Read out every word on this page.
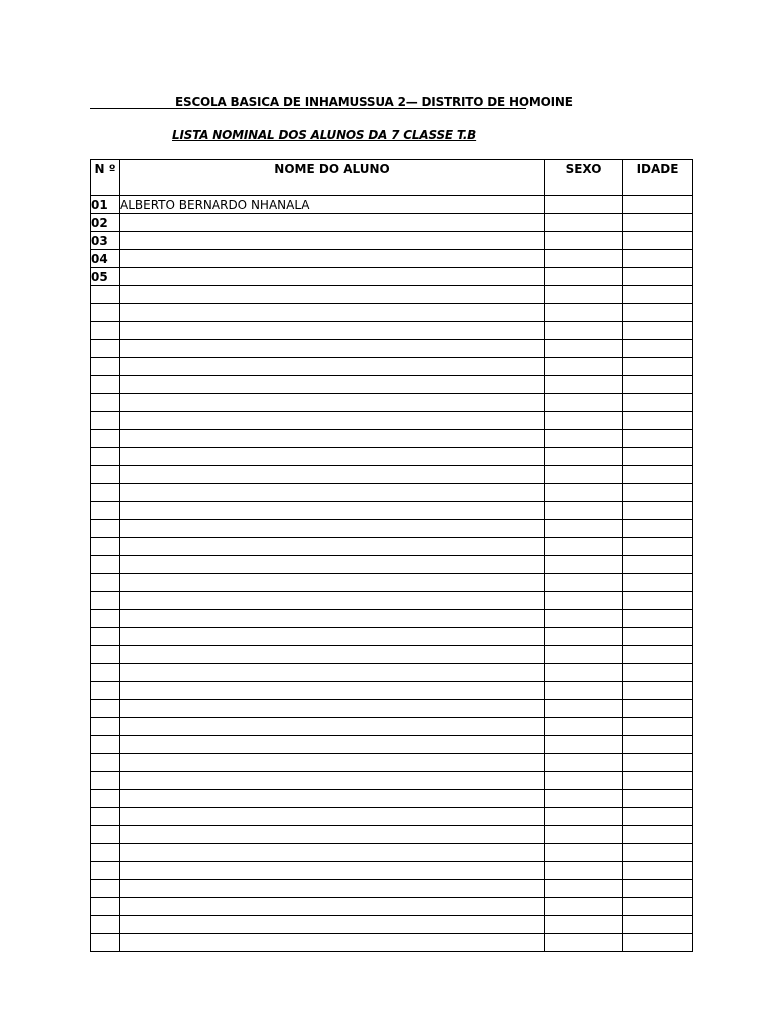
ESCOLA BASICA DE INHAMUSSUA 2— DISTRITO DE HOMOINE
LISTA NOMINAL DOS ALUNOS DA 7 CLASSE T.B
N º	NOME DO ALUNO	SEXO	IDADE
01	ALBERTO BERNARDO NHANALA		
02			
03			
04			
05			
